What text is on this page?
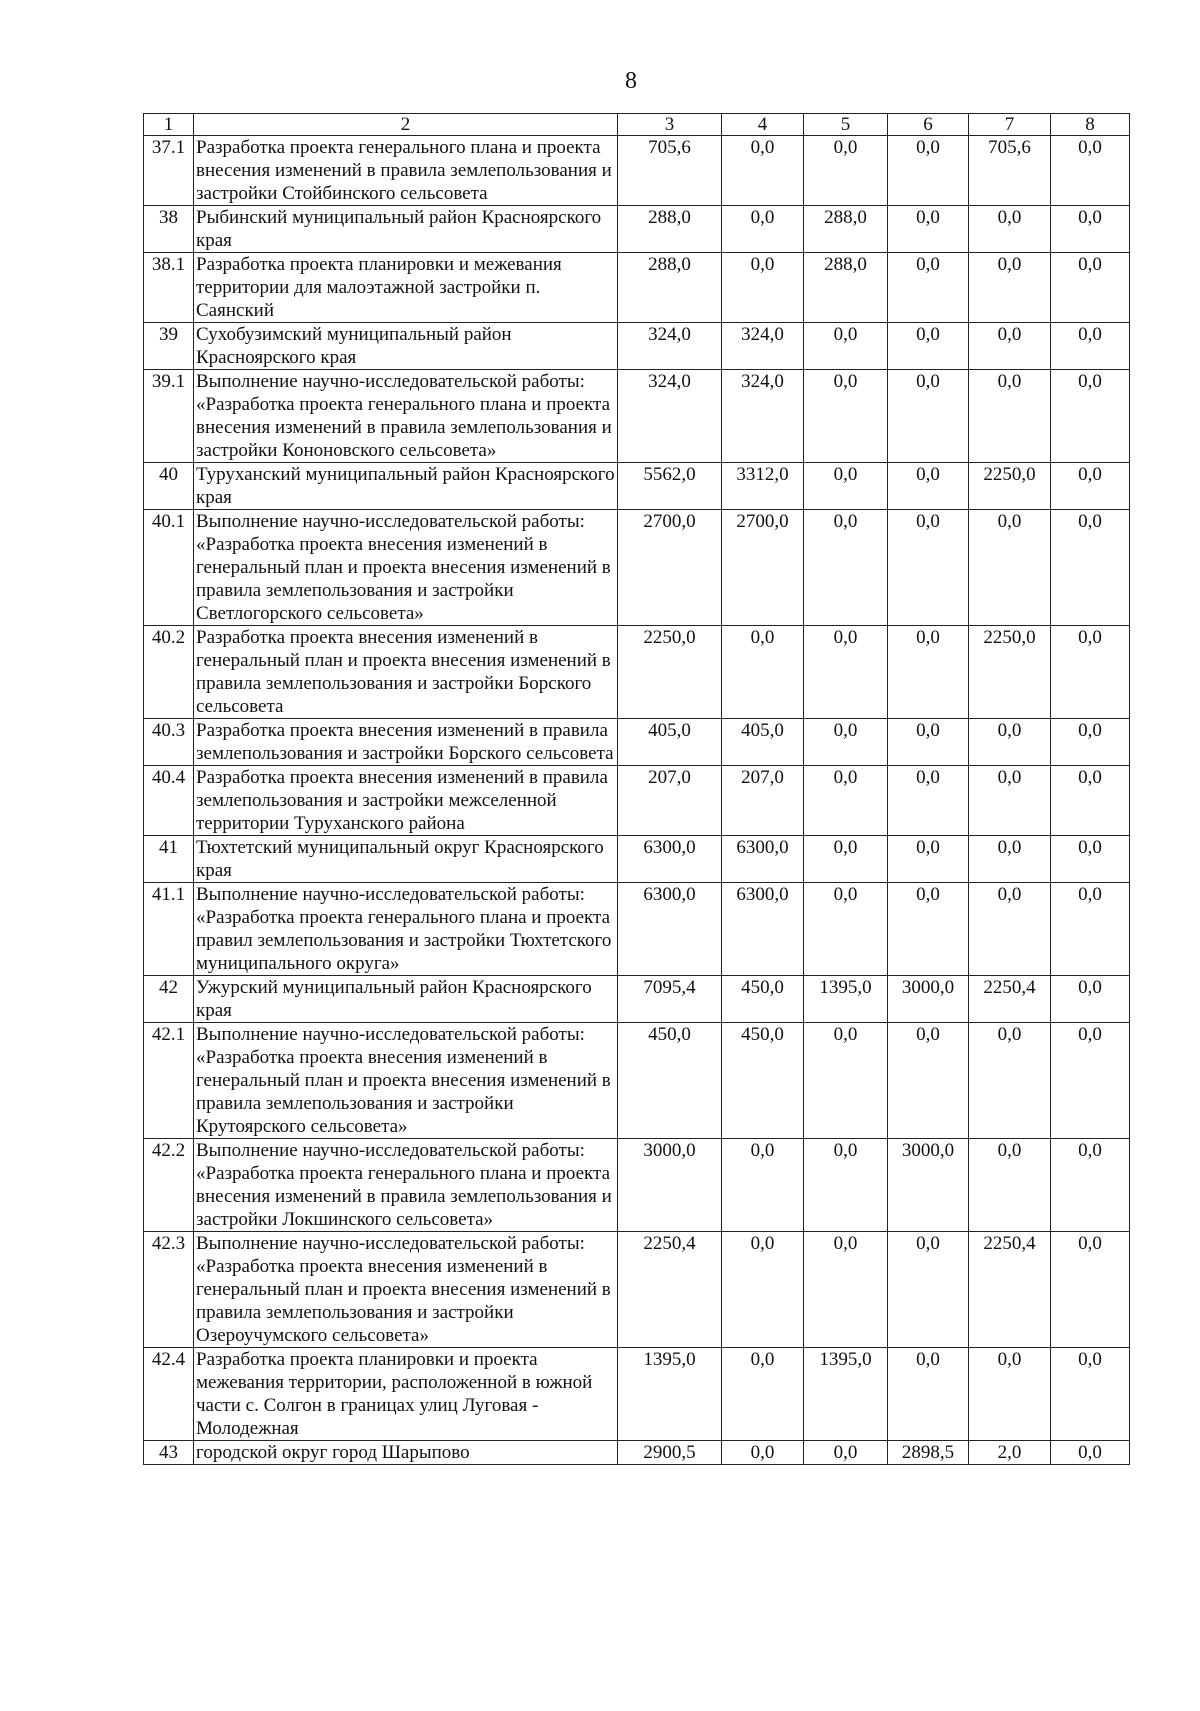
8
1	2	3	4	5	6	7	8
37.1	Разработка проекта генерального плана и проекта внесения изменений в правила землепользования и застройки Стойбинского сельсовета	705,6	0,0	0,0	0,0	705,6	0,0
38	Рыбинский муниципальный район Красноярского края	288,0	0,0	288,0	0,0	0,0	0,0
38.1	Разработка проекта планировки и межевания территории для малоэтажной застройки п. Саянский	288,0	0,0	288,0	0,0	0,0	0,0
39	Сухобузимский муниципальный район Красноярского края	324,0	324,0	0,0	0,0	0,0	0,0
39.1	Выполнение научно-исследовательской работы: «Разработка проекта генерального плана и проекта внесения изменений в правила землепользования и застройки Кононовского сельсовета»	324,0	324,0	0,0	0,0	0,0	0,0
40	Туруханский муниципальный район Красноярского края	5562,0	3312,0	0,0	0,0	2250,0	0,0
40.1	Выполнение научно-исследовательской работы: «Разработка проекта внесения изменений в генеральный план и проекта внесения изменений в правила землепользования и застройки Светлогорского сельсовета»	2700,0	2700,0	0,0	0,0	0,0	0,0
40.2	Разработка проекта внесения изменений в генеральный план и проекта внесения изменений в правила землепользования и застройки Борского сельсовета	2250,0	0,0	0,0	0,0	2250,0	0,0
40.3	Разработка проекта внесения изменений в правила землепользования и застройки Борского сельсовета	405,0	405,0	0,0	0,0	0,0	0,0
40.4	Разработка проекта внесения изменений в правила землепользования и застройки межселенной территории Туруханского района	207,0	207,0	0,0	0,0	0,0	0,0
41	Тюхтетский муниципальный округ Красноярского края	6300,0	6300,0	0,0	0,0	0,0	0,0
41.1	Выполнение научно-исследовательской работы: «Разработка проекта генерального плана и проекта правил землепользования и застройки Тюхтетского муниципального округа»	6300,0	6300,0	0,0	0,0	0,0	0,0
42	Ужурский муниципальный район Красноярского края	7095,4	450,0	1395,0	3000,0	2250,4	0,0
42.1	Выполнение научно-исследовательской работы: «Разработка проекта внесения изменений в генеральный план и проекта внесения изменений в правила землепользования и застройки Крутоярского сельсовета»	450,0	450,0	0,0	0,0	0,0	0,0
42.2	Выполнение научно-исследовательской работы: «Разработка проекта генерального плана и проекта внесения изменений в правила землепользования и застройки Локшинского сельсовета»	3000,0	0,0	0,0	3000,0	0,0	0,0
42.3	Выполнение научно-исследовательской работы: «Разработка проекта внесения изменений в генеральный план и проекта внесения изменений в правила землепользования и застройки Озероучумского сельсовета»	2250,4	0,0	0,0	0,0	2250,4	0,0
42.4	Разработка проекта планировки и проекта межевания территории, расположенной в южной части с. Солгон в границах улиц Луговая - Молодежная	1395,0	0,0	1395,0	0,0	0,0	0,0
43	городской округ город Шарыпово	2900,5	0,0	0,0	2898,5	2,0	0,0
